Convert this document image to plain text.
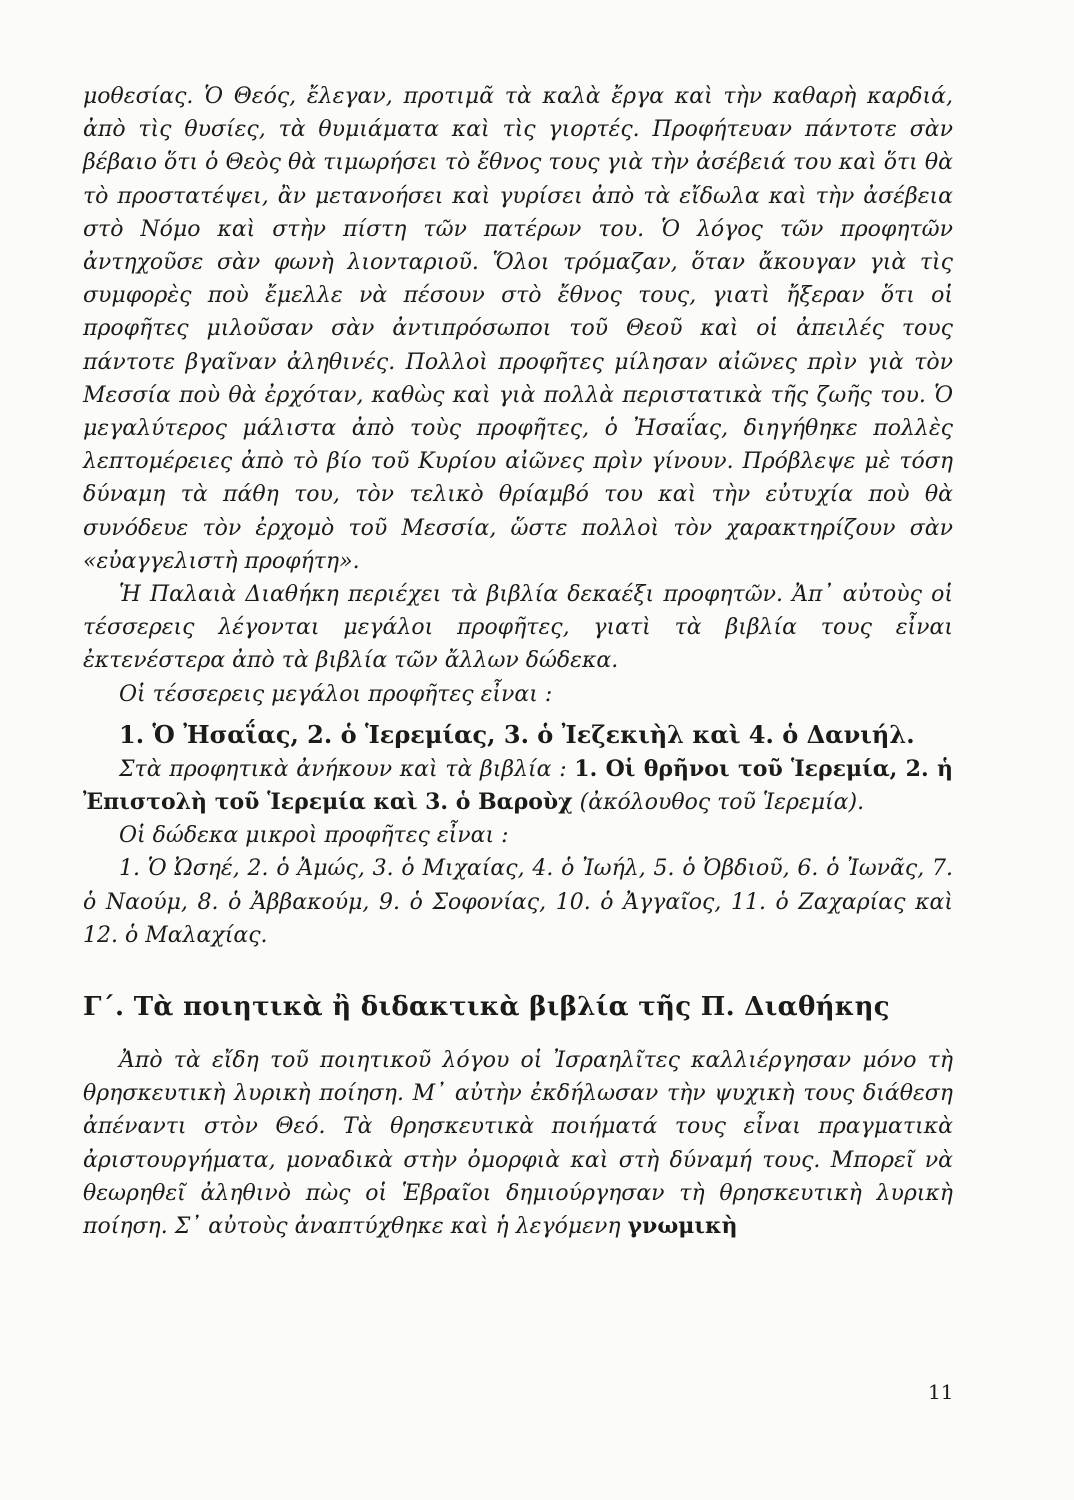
μοθεσίας. Ὁ Θεός, ἔλεγαν, προτιμᾶ τὰ καλὰ ἔργα καὶ τὴν καθαρὴ καρδιά, ἀπὸ τὶς θυσίες, τὰ θυμιάματα καὶ τὶς γιορτές. Προφήτευαν πάντοτε σὰν βέβαιο ὅτι ὁ Θεὸς θὰ τιμωρήσει τὸ ἔθνος τους γιὰ τὴν ἀσέβειά του καὶ ὅτι θὰ τὸ προστατέψει, ἂν μετανοήσει καὶ γυρίσει ἀπὸ τὰ εἴδωλα καὶ τὴν ἀσέβεια στὸ Νόμο καὶ στὴν πίστη τῶν πατέρων του. Ὁ λόγος τῶν προφητῶν ἀντηχοῦσε σὰν φωνὴ λιονταριοῦ. Ὅλοι τρόμαζαν, ὅταν ἄκουγαν γιὰ τὶς συμφορὲς ποὺ ἔμελλε νὰ πέσουν στὸ ἔθνος τους, γιατὶ ἤξεραν ὅτι οἱ προφῆτες μιλοῦσαν σὰν ἀντιπρόσωποι τοῦ Θεοῦ καὶ οἱ ἀπειλές τους πάντοτε βγαῖναν ἀληθινές. Πολλοὶ προφῆτες μίλησαν αἰῶνες πρὶν γιὰ τὸν Μεσσία ποὺ θὰ ἐρχόταν, καθὼς καὶ γιὰ πολλὰ περιστατικὰ τῆς ζωῆς του. Ὁ μεγαλύτερος μάλιστα ἀπὸ τοὺς προφῆτες, ὁ Ἠσαΐας, διηγήθηκε πολλὲς λεπτομέρειες ἀπὸ τὸ βίο τοῦ Κυρίου αἰῶνες πρὶν γίνουν. Πρόβλεψε μὲ τόση δύναμη τὰ πάθη του, τὸν τελικὸ θρίαμβό του καὶ τὴν εὐτυχία ποὺ θὰ συνόδευε τὸν ἐρχομὸ τοῦ Μεσσία, ὥστε πολλοὶ τὸν χαρακτηρίζουν σὰν «εὐαγγελιστὴ προφήτη».

Ἡ Παλαιὰ Διαθήκη περιέχει τὰ βιβλία δεκαέξι προφητῶν. Ἀπ᾿ αὐτοὺς οἱ τέσσερεις λέγονται μεγάλοι προφῆτες, γιατὶ τὰ βιβλία τους εἶναι ἐκτενέστερα ἀπὸ τὰ βιβλία τῶν ἄλλων δώδεκα.

Οἱ τέσσερεις μεγάλοι προφῆτες εἶναι :

1. Ὁ Ἠσαΐας, 2. ὁ Ἱερεμίας, 3. ὁ Ἰεζεκιὴλ καὶ 4. ὁ Δανιήλ.

Στὰ προφητικὰ ἀνήκουν καὶ τὰ βιβλία : 1. Οἱ θρῆνοι τοῦ Ἱερεμία, 2. ἡ Ἐπιστολὴ τοῦ Ἱερεμία καὶ 3. ὁ Βαροὺχ (ἀκόλουθος τοῦ Ἱερεμία).

Οἱ δώδεκα μικροὶ προφῆτες εἶναι :

1. Ὁ Ὠσηέ, 2. ὁ Ἀμώς, 3. ὁ Μιχαίας, 4. ὁ Ἰωήλ, 5. ὁ Ὀβδιοῦ, 6. ὁ Ἰωνᾶς, 7. ὁ Ναούμ, 8. ὁ Ἀββακούμ, 9. ὁ Σοφονίας, 10. ὁ Ἀγγαῖος, 11. ὁ Ζαχαρίας καὶ 12. ὁ Μαλαχίας.

Γ΄. Τὰ ποιητικὰ ἢ διδακτικὰ βιβλία τῆς Π. Διαθήκης

Ἀπὸ τὰ εἴδη τοῦ ποιητικοῦ λόγου οἱ Ἰσραηλῖτες καλλιέργησαν μόνο τὴ θρησκευτικὴ λυρικὴ ποίηση. Μ᾿ αὐτὴν ἐκδήλωσαν τὴν ψυχικὴ τους διάθεση ἀπέναντι στὸν Θεό. Τὰ θρησκευτικὰ ποιήματά τους εἶναι πραγματικὰ ἀριστουργήματα, μοναδικὰ στὴν ὀμορφιὰ καὶ στὴ δύναμή τους. Μπορεῖ νὰ θεωρηθεῖ ἀληθινὸ πὼς οἱ Ἑβραῖοι δημιούργησαν τὴ θρησκευτικὴ λυρικὴ ποίηση. Σ᾿ αὐτοὺς ἀναπτύχθηκε καὶ ἡ λεγόμενη γνωμικὴ

11
